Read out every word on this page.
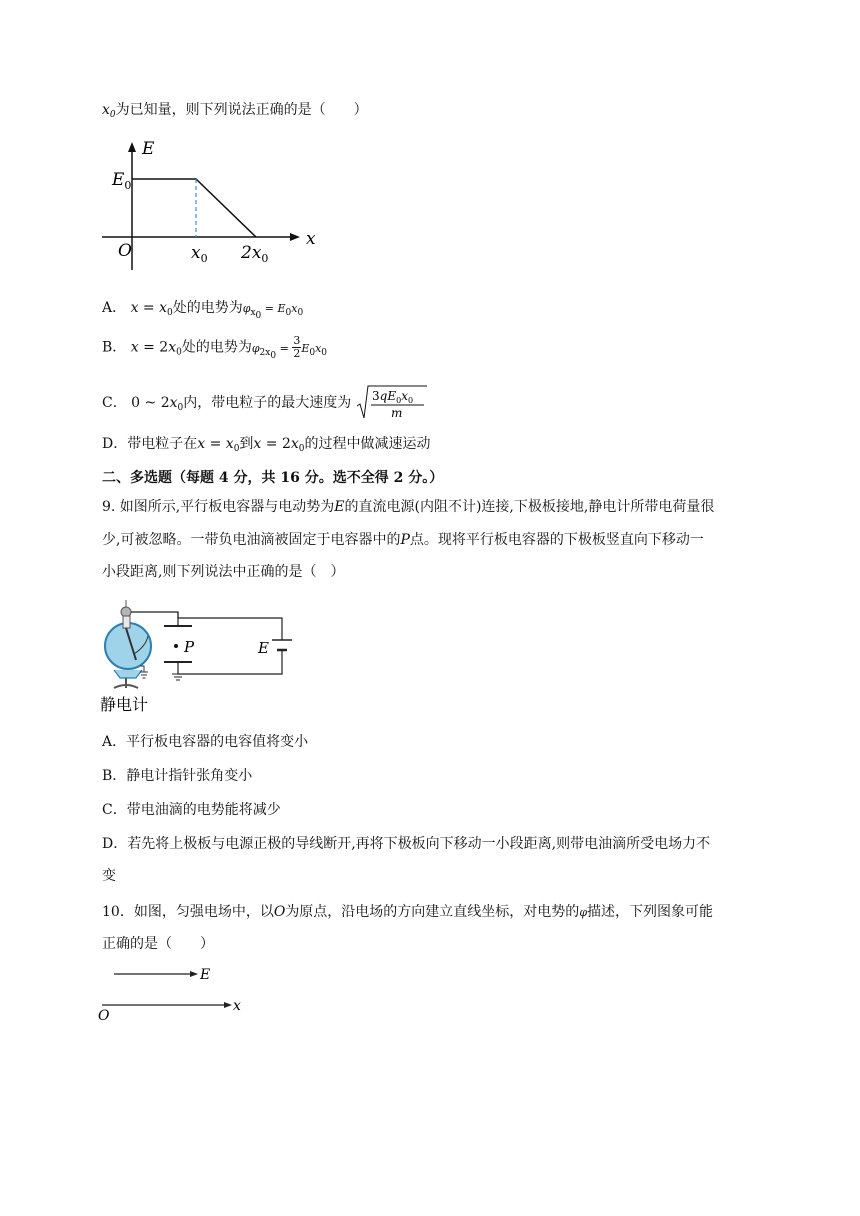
$x_0$为已知量，则下列说法正确的是（　　）
E
x
O
$E_0$
$x_0$ $2x_0$
A． $x = x_0$处的电势为$\varphi_{x_0} = E_0x_0$
B． $x = 2x_0$处的电势为$\varphi_{2x_0} = \frac{3}{2} E_0x_0$
C． 0 ~ $2x_0$内，带电粒子的最大速度为 $3qE_0x_0$
m
D．带电粒子在$x = x_0$到$x = 2x_0$的过程中做减速运动
二、多选题（每题 4 分，共 16 分。选不全得 2 分。）
9. 如图所示,平行板电容器与电动势为E的直流电源(内阻不计)连接,下极板接地,静电计所带电荷量很
少,可被忽略。一带负电油滴被固定于电容器中的P点。现将平行板电容器的下极板竖直向下移动一
小段距离,则下列说法中正确的是（　）
P	E
静电计
A．平行板电容器的电容值将变小
B．静电计指针张角变小
C．带电油滴的电势能将减少
D．若先将上极板与电源正极的导线断开,再将下极板向下移动一小段距离,则带电油滴所受电场力不
变
10．如图，匀强电场中，以O为原点，沿电场的方向建立直线坐标，对电势的φ描述，下列图象可能
正确的是（　　）
E
x
O
